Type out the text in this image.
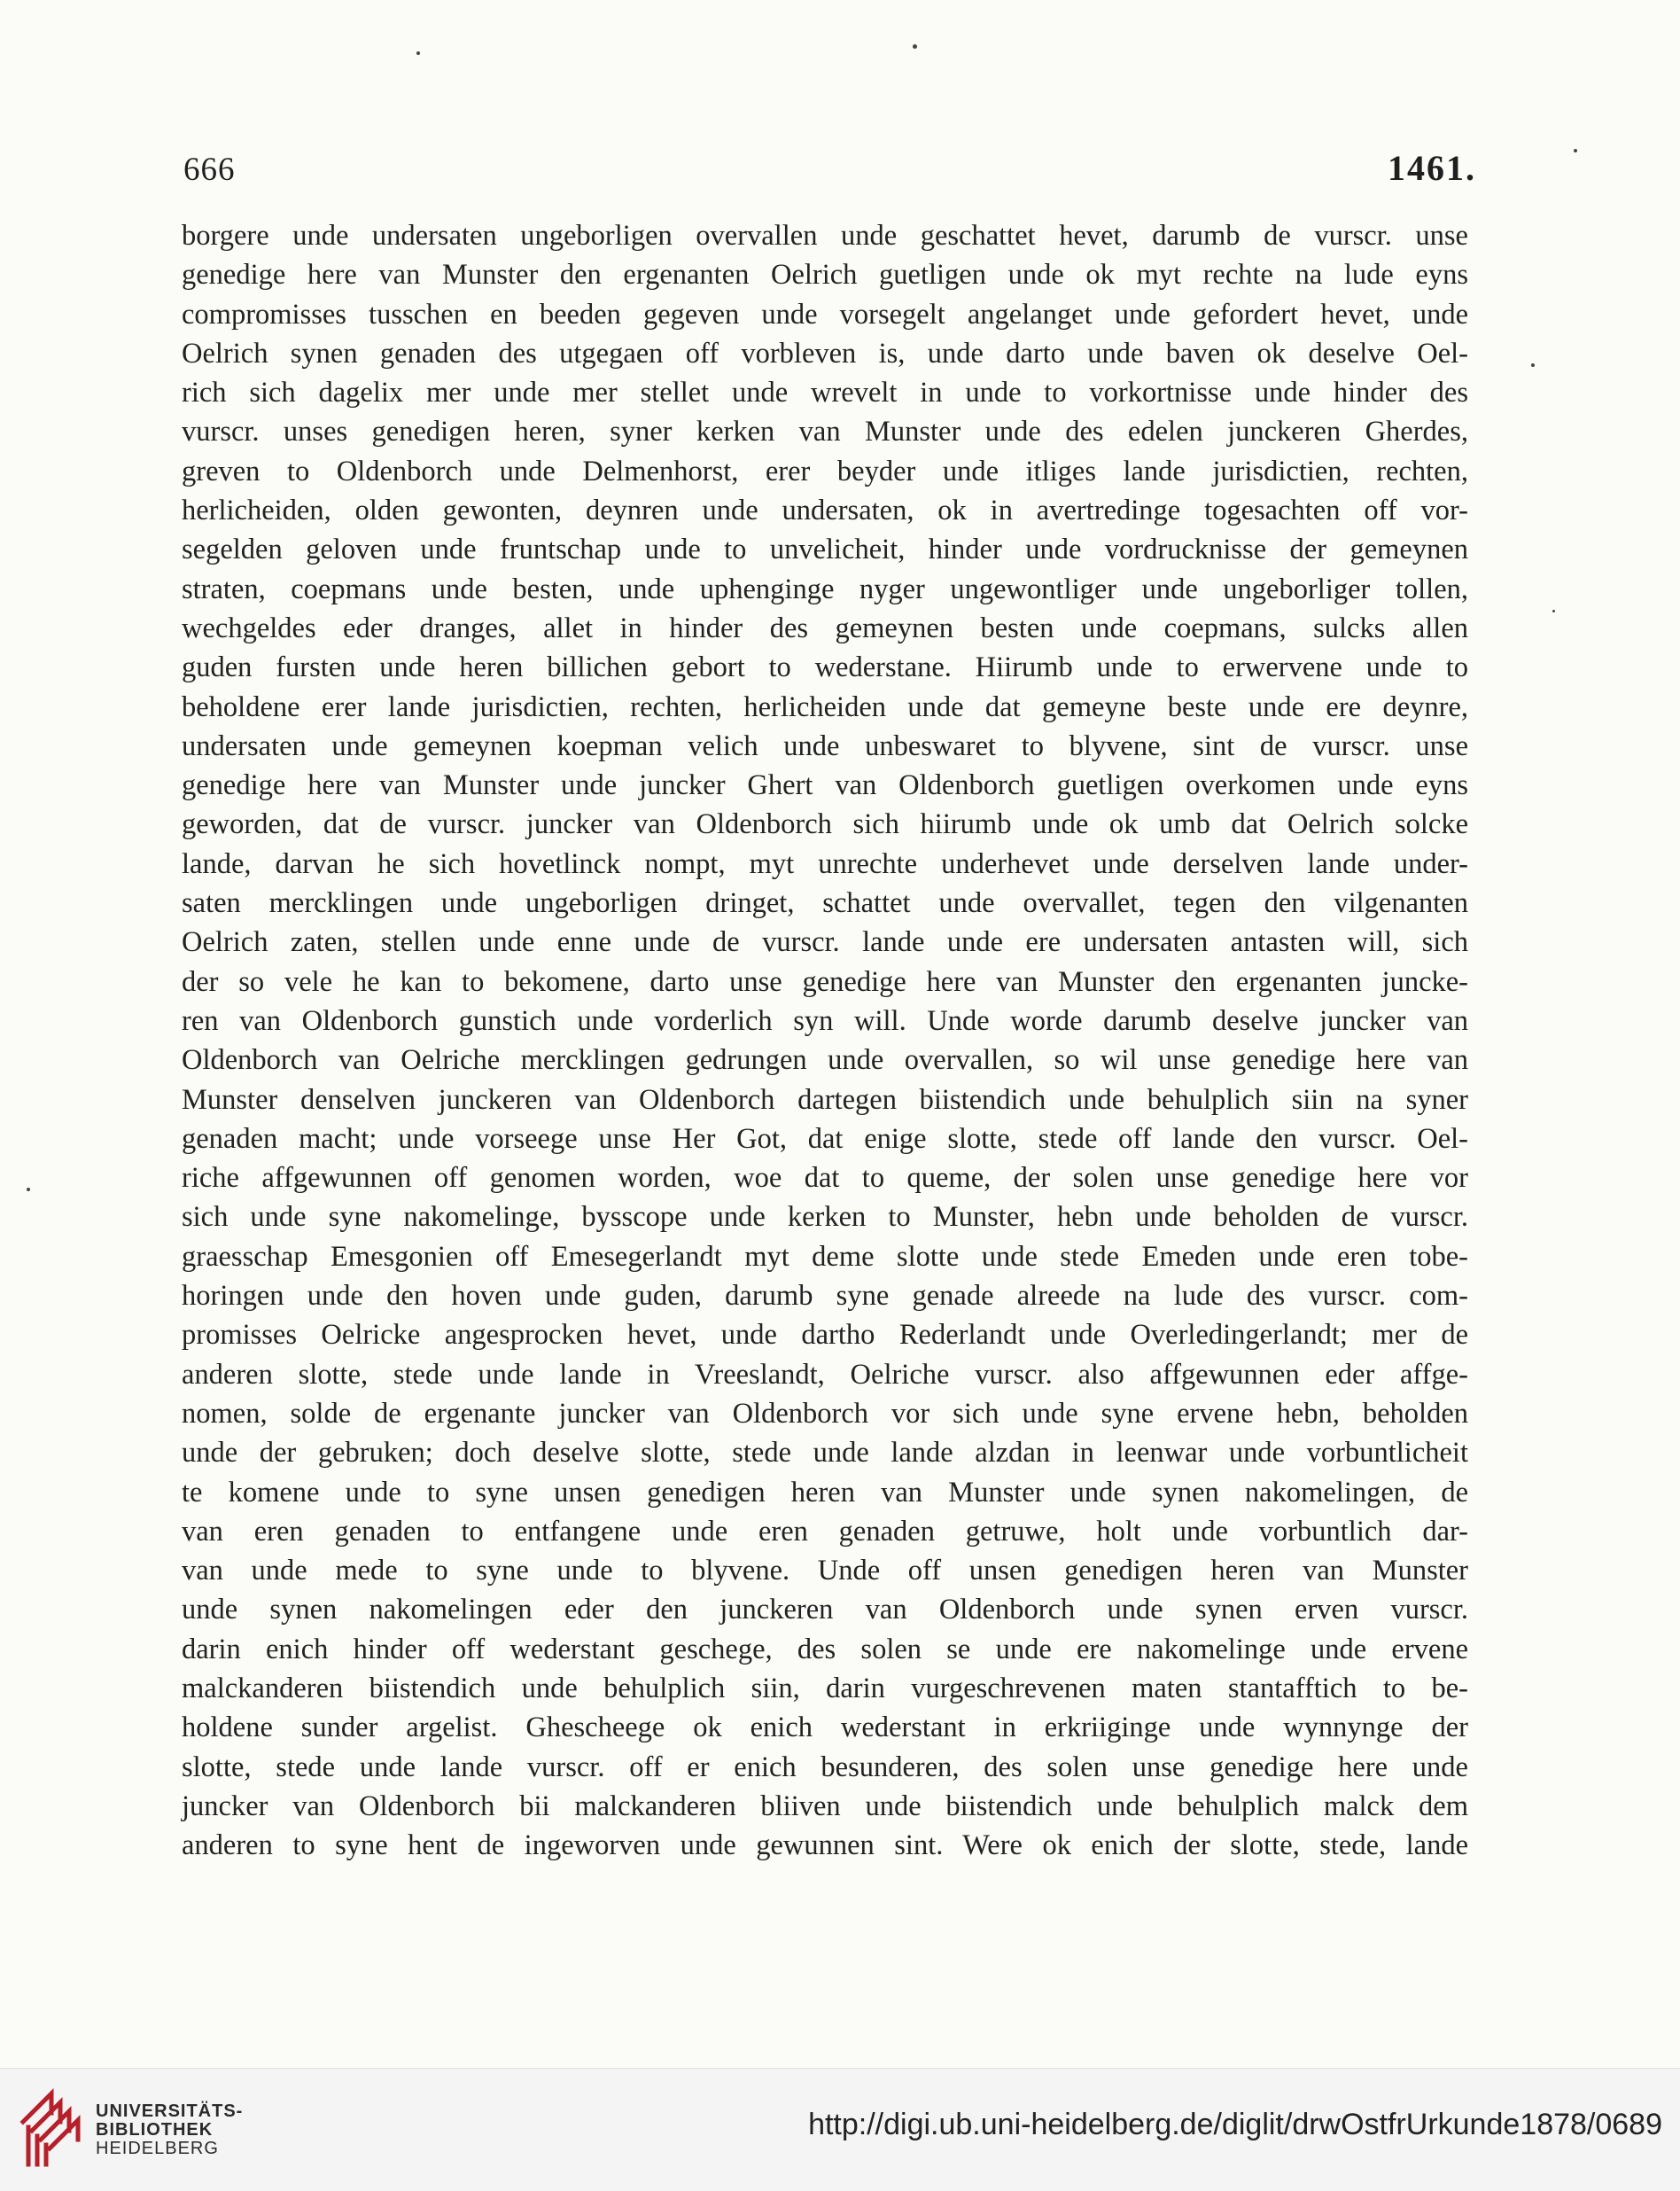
666	1461.
borgere unde undersaten ungeborligen overvallen unde geschattet hevet, darumb de vurscr. unse
genedige here van Munster den ergenanten Oelrich guetligen unde ok myt rechte na lude eyns
compromisses tusschen en beeden gegeven unde vorsegelt angelanget unde gefordert hevet, unde
Oelrich synen genaden des utgegaen off vorbleven is, unde darto unde baven ok deselve Oel-
rich sich dagelix mer unde mer stellet unde wrevelt in unde to vorkortnisse unde hinder des
vurscr. unses genedigen heren, syner kerken van Munster unde des edelen junckeren Gherdes,
greven to Oldenborch unde Delmenhorst, erer beyder unde itliges lande jurisdictien, rechten,
herlicheiden, olden gewonten, deynren unde undersaten, ok in avertredinge togesachten off vor-
segelden geloven unde fruntschap unde to unvelicheit, hinder unde vordrucknisse der gemeynen
straten, coepmans unde besten, unde uphenginge nyger ungewontliger unde ungeborliger tollen,
wechgeldes eder dranges, allet in hinder des gemeynen besten unde coepmans, sulcks allen
guden fursten unde heren billichen gebort to wederstane. Hiirumb unde to erwervene unde to
beholdene erer lande jurisdictien, rechten, herlicheiden unde dat gemeyne beste unde ere deynre,
undersaten unde gemeynen koepman velich unde unbeswaret to blyvene, sint de vurscr. unse
genedige here van Munster unde juncker Ghert van Oldenborch guetligen overkomen unde eyns
geworden, dat de vurscr. juncker van Oldenborch sich hiirumb unde ok umb dat Oelrich solcke
lande, darvan he sich hovetlinck nompt, myt unrechte underhevet unde derselven lande under-
saten mercklingen unde ungeborligen dringet, schattet unde overvallet, tegen den vilgenanten
Oelrich zaten, stellen unde enne unde de vurscr. lande unde ere undersaten antasten will, sich
der so vele he kan to bekomene, darto unse genedige here van Munster den ergenanten juncke-
ren van Oldenborch gunstich unde vorderlich syn will. Unde worde darumb deselve juncker van
Oldenborch van Oelriche mercklingen gedrungen unde overvallen, so wil unse genedige here van
Munster denselven junckeren van Oldenborch dartegen biistendich unde behulplich siin na syner
genaden macht; unde vorseege unse Her Got, dat enige slotte, stede off lande den vurscr. Oel-
riche affgewunnen off genomen worden, woe dat to queme, der solen unse genedige here vor
sich unde syne nakomelinge, bysscope unde kerken to Munster, hebn unde beholden de vurscr.
graesschap Emesgonien off Emesegerlandt myt deme slotte unde stede Emeden unde eren tobe-
horingen unde den hoven unde guden, darumb syne genade alreede na lude des vurscr. com-
promisses Oelricke angesprocken hevet, unde dartho Rederlandt unde Overledingerlandt; mer de
anderen slotte, stede unde lande in Vreeslandt, Oelriche vurscr. also affgewunnen eder affge-
nomen, solde de ergenante juncker van Oldenborch vor sich unde syne ervene hebn, beholden
unde der gebruken; doch deselve slotte, stede unde lande alzdan in leenwar unde vorbuntlicheit
te komene unde to syne unsen genedigen heren van Munster unde synen nakomelingen, de
van eren genaden to entfangene unde eren genaden getruwe, holt unde vorbuntlich dar-
van unde mede to syne unde to blyvene. Unde off unsen genedigen heren van Munster
unde synen nakomelingen eder den junckeren van Oldenborch unde synen erven vurscr.
darin enich hinder off wederstant geschege, des solen se unde ere nakomelinge unde ervene
malckanderen biistendich unde behulplich siin, darin vurgeschrevenen maten stantafftich to be-
holdene sunder argelist. Ghescheege ok enich wederstant in erkriiginge unde wynnynge der
slotte, stede unde lande vurscr. off er enich besunderen, des solen unse genedige here unde
juncker van Oldenborch bii malckanderen bliiven unde biistendich unde behulplich malck dem
anderen to syne hent de ingeworven unde gewunnen sint. Were ok enich der slotte, stede, lande
UNIVERSITÄTS-
BIBLIOTHEK
HEIDELBERG
http://digi.ub.uni-heidelberg.de/diglit/drwOstfrUrkunde1878/0689
